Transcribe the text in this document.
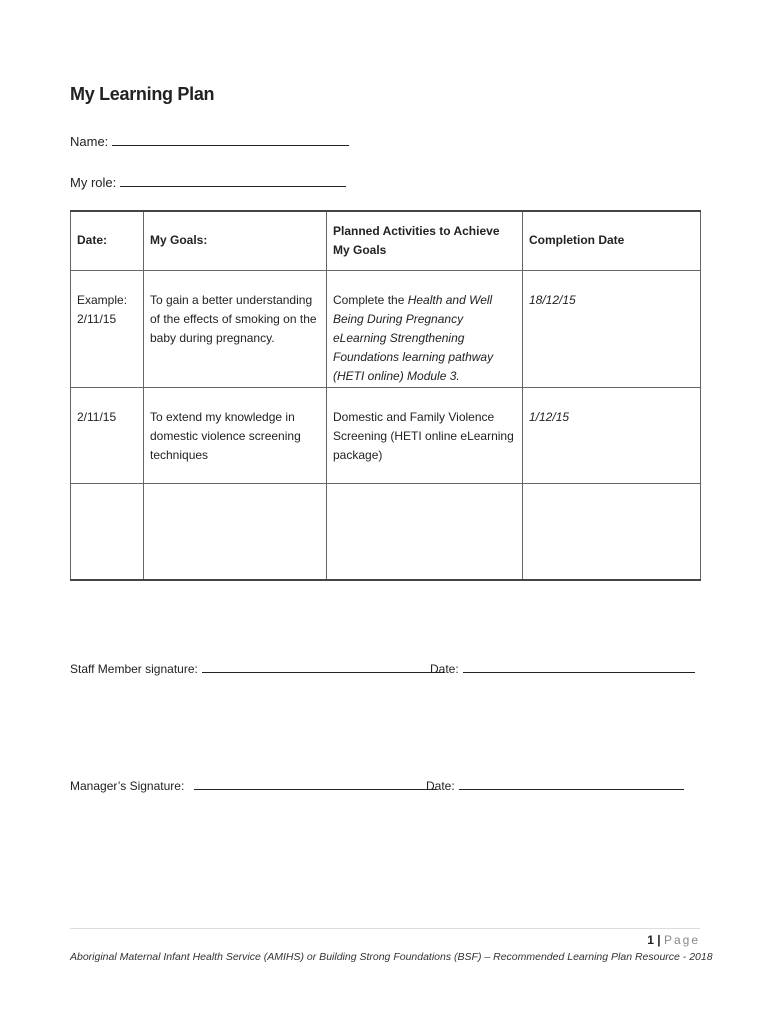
My Learning Plan
Name:
My role:
Date:	My Goals:	Planned Activities to Achieve My Goals	Completion Date
Example: 2/11/15	To gain a better understanding of the effects of smoking on the baby during pregnancy.	Complete the Health and Well Being During Pregnancy eLearning Strengthening Foundations learning pathway (HETI online) Module 3.	18/12/15
2/11/15	To extend my knowledge in domestic violence screening techniques	Domestic and Family Violence Screening (HETI online eLearning package)	1/12/15

Staff Member signature:	Date:
Manager’s Signature:	Date:
1 | Page
Aboriginal Maternal Infant Health Service (AMIHS) or Building Strong Foundations (BSF) – Recommended Learning Plan Resource - 2018
